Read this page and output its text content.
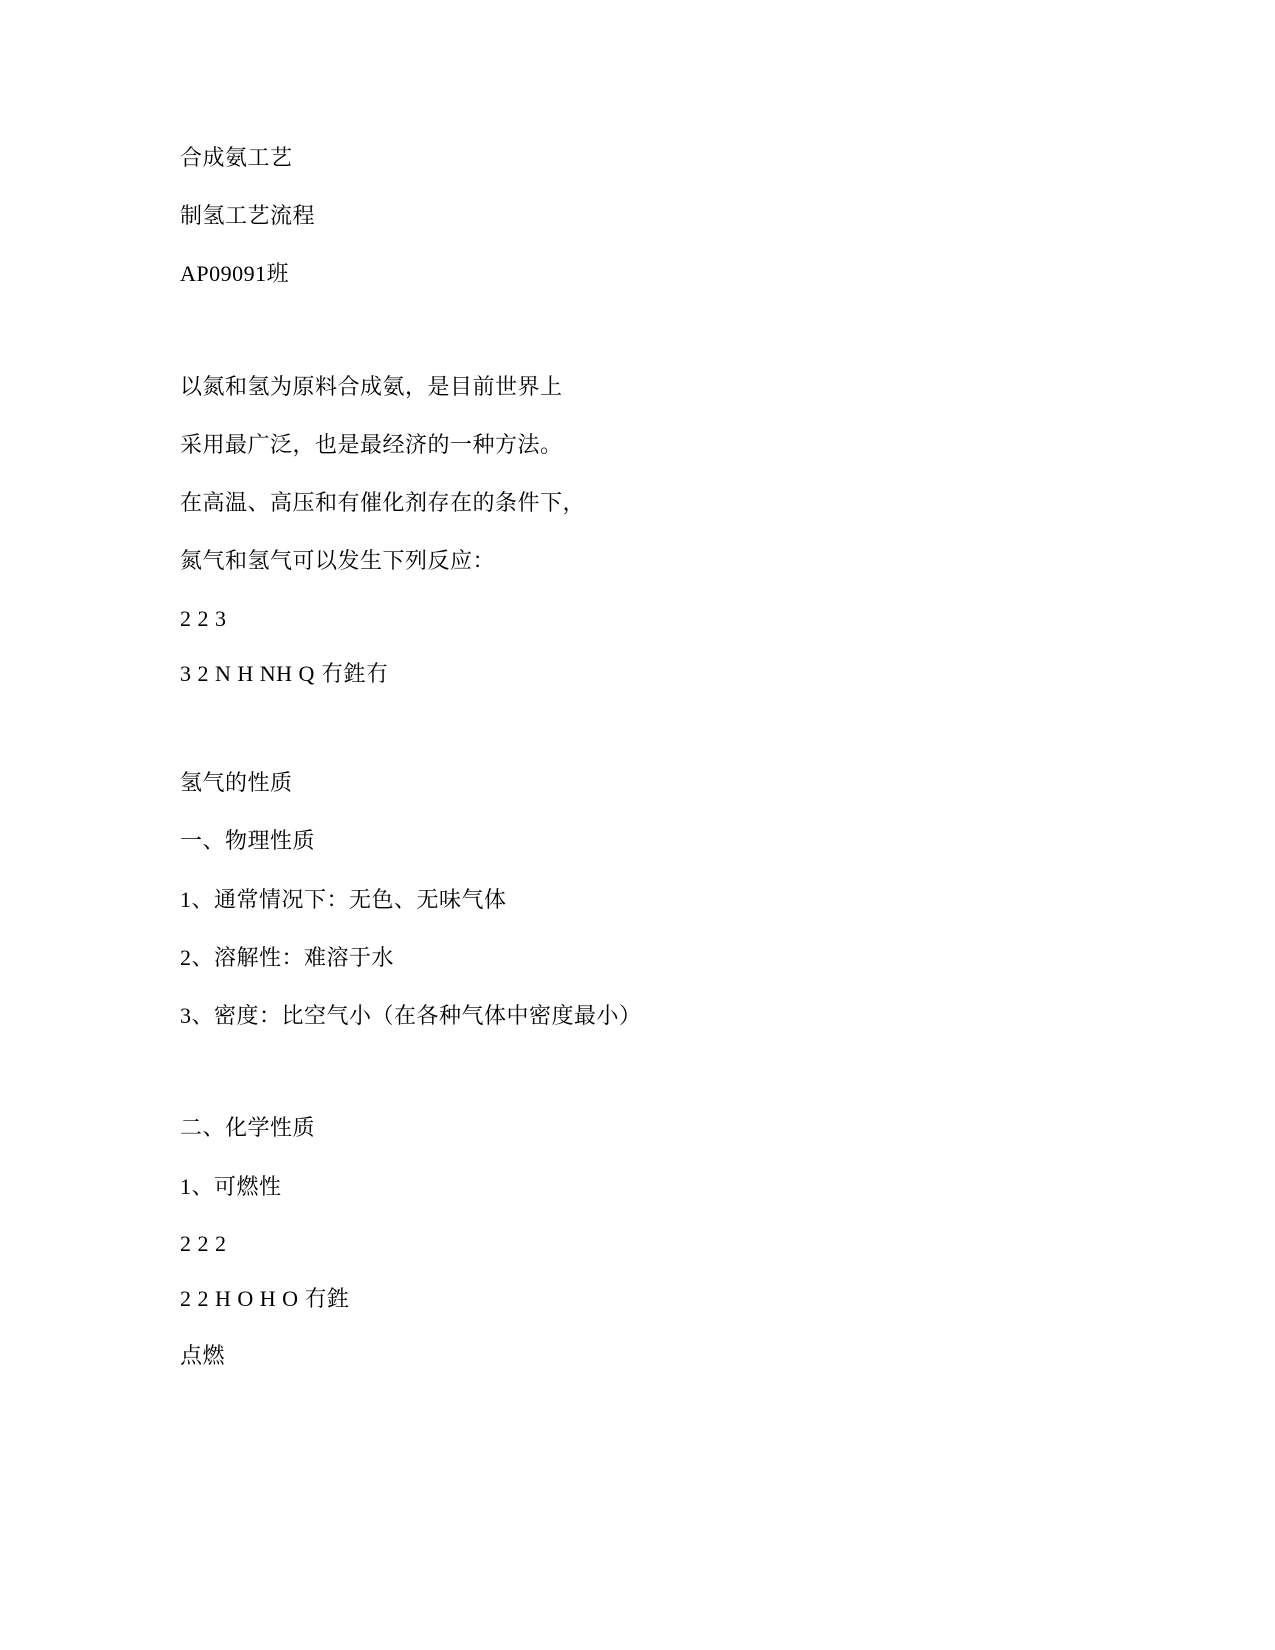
合成氨工艺
制氢工艺流程
AP09091班
以氮和氢为原料合成氨，是目前世界上
采用最广泛，也是最经济的一种方法。
在高温、高压和有催化剂存在的条件下，
氮气和氢气可以发生下列反应：
2 2 3
3 2 N H NH Q 冇鉎冇
氢气的性质
一、物理性质
1、通常情况下：无色、无味气体
2、溶解性：难溶于水
3、密度：比空气小（在各种气体中密度最小）
二、化学性质
1、可燃性
2 2 2
2 2 H O H O 冇鉎
点燃
